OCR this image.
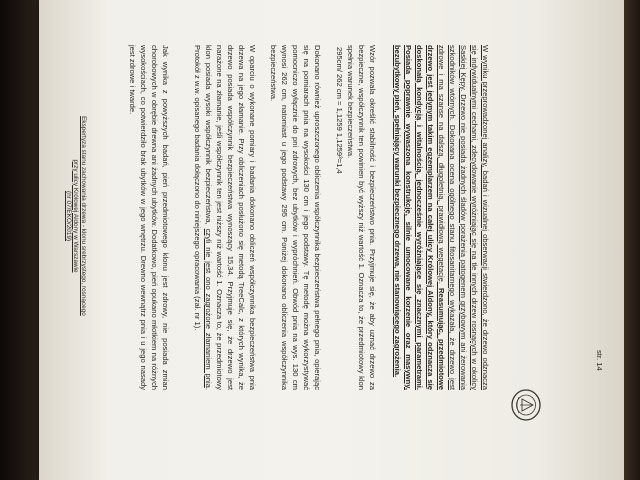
Ekspertyza stanu zachowania drzewa - klonu srebrzystego, rosnącego
przy ulicy Królowej Aldony w Warszawie
(nr 07/EKO/2019)	Jak wynika z powyższych badań, pień przedmiotowego klonu jest zdrowy, nie posiada zmian chorobowych w obrębie drewna ani żadnych ubytków. Dodatkowo, pień opukano młotkiem na różnych wysokościach, co potwierdziło brak ubytków w jego wnętrzu. Drewno wewnątrz pnia i u jego nasady jest zdrowe i twarde.	W oparciu o wykonane pomiary i badania dokonano obliczeń współczynnika bezpieczeństwa pnia drzewa na jego złamanie. Przy obliczeniach posłużono się metodą TreeCalc, z których wynika, że drzewo posiada współczynnik bezpieczeństwa wynoszący 15,34. Przyjmuje się, że drzewo jest narażone na złamanie, jeśli współczynnik ten jest niższy niż wartość 1. Oznacza to, że przedmiotowy klon posiada wysoki współczynnik bezpieczeństwa, czyli nie jest ono zagrożone złamaniem pnia. Protokół z w.w. opisanego badania dołączono do niniejszego opracowania (zał. nr 1).	Dokonano również uproszczonego obliczenia współczynnika bezpieczeństwa pełnego pnia, opierając się na pomiarach pnia na wysokości 130 cm i jego podstawy. Tę metodę można wykorzystywać pomocniczo wyłącznie do pni zdrowych, bez ubytków i wypróchnień. Obwód pnia na wys. 130 cm wynosi 262 cm, natomiast u jego podstawy 295 cm. Poniżej dokonano obliczenia współczynnika bezpieczeństwa.	295cm/ 262 cm = 1,1259 1,1259³=1,4	Wzór pozwala określić stabilność i bezpieczeństwo pnia. Przyjmuje się, że aby uznać drzewo za bezpieczne, współczynnik ten powinien być wyższy niż wartość 1. Oznacza to, że przedmiotowy klon spełnia warunek bezpieczeństwa.	W wyniku przeprowadzonej analizy, badań i wizualnej obserwacji stwierdzono, że drzewo odznacza się indywidualnymi cechami, zdecydowanie wyróżniając się na tle innych drzew rosnących w okolicy Saskiej Kępy. Drzewo nie posiada żadnych śladów porażenia patogenem grzybowym ani żerowania szkodników wtórnych. Dokonana ocena ogólnego stanu fitosanitarnego wykazała, że drzewo jest zdrowe i ma szanse na dalszą, długoletnią, prawidłową wegetację. Reasumując, przedmiotowe drzewo jest jedynym takim egzemplarzem na całej ulicy Królowej Aldony, który odznacza się doskonałą kondycją i witalnością, jednocześnie wyróżniające się znacznymi parametrami. Posiada poprawnie wywaszona konstrukcję, silnie umocowane korzenie oraz masywny, bezubytkowy pień, spełniający warunki bezpiecznego drzewa, nie stanowiącego zagrożenia.	str. 14
